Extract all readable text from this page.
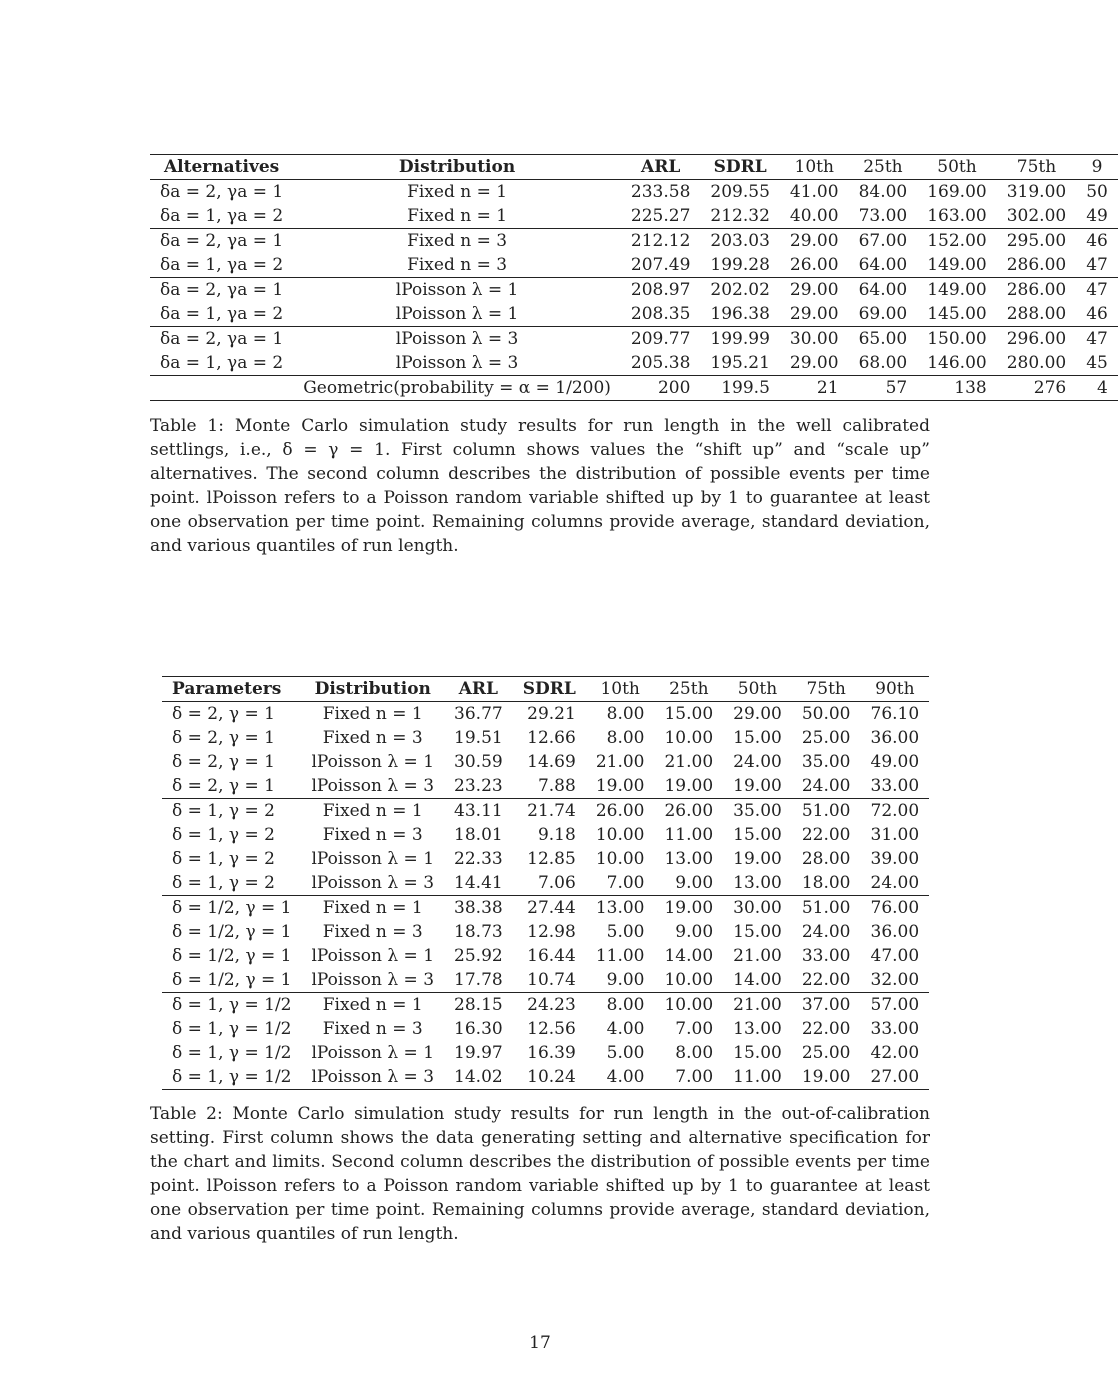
Alternatives	Distribution	ARL	SDRL	10th	25th	50th	75th	9
δa = 2, γa = 1	Fixed n = 1	233.58	209.55	41.00	84.00	169.00	319.00	50
δa = 1, γa = 2	Fixed n = 1	225.27	212.32	40.00	73.00	163.00	302.00	49
δa = 2, γa = 1	Fixed n = 3	212.12	203.03	29.00	67.00	152.00	295.00	46
δa = 1, γa = 2	Fixed n = 3	207.49	199.28	26.00	64.00	149.00	286.00	47
δa = 2, γa = 1	lPoisson λ = 1	208.97	202.02	29.00	64.00	149.00	286.00	47
δa = 1, γa = 2	lPoisson λ = 1	208.35	196.38	29.00	69.00	145.00	288.00	46
δa = 2, γa = 1	lPoisson λ = 3	209.77	199.99	30.00	65.00	150.00	296.00	47
δa = 1, γa = 2	lPoisson λ = 3	205.38	195.21	29.00	68.00	146.00	280.00	45
	Geometric(probability = α = 1/200)	200	199.5	21	57	138	276	4

Table 1: Monte Carlo simulation study results for run length in the well calibrated settlings, i.e., δ = γ = 1. First column shows values the “shift up” and “scale up” alternatives. The second column describes the distribution of possible events per time point. lPoisson refers to a Poisson random variable shifted up by 1 to guarantee at least one observation per time point. Remaining columns provide average, standard deviation, and various quantiles of run length.

Parameters	Distribution	ARL	SDRL	10th	25th	50th	75th	90th
δ = 2, γ = 1	Fixed n = 1	36.77	29.21	8.00	15.00	29.00	50.00	76.10
δ = 2, γ = 1	Fixed n = 3	19.51	12.66	8.00	10.00	15.00	25.00	36.00
δ = 2, γ = 1	lPoisson λ = 1	30.59	14.69	21.00	21.00	24.00	35.00	49.00
δ = 2, γ = 1	lPoisson λ = 3	23.23	7.88	19.00	19.00	19.00	24.00	33.00
δ = 1, γ = 2	Fixed n = 1	43.11	21.74	26.00	26.00	35.00	51.00	72.00
δ = 1, γ = 2	Fixed n = 3	18.01	9.18	10.00	11.00	15.00	22.00	31.00
δ = 1, γ = 2	lPoisson λ = 1	22.33	12.85	10.00	13.00	19.00	28.00	39.00
δ = 1, γ = 2	lPoisson λ = 3	14.41	7.06	7.00	9.00	13.00	18.00	24.00
δ = 1/2, γ = 1	Fixed n = 1	38.38	27.44	13.00	19.00	30.00	51.00	76.00
δ = 1/2, γ = 1	Fixed n = 3	18.73	12.98	5.00	9.00	15.00	24.00	36.00
δ = 1/2, γ = 1	lPoisson λ = 1	25.92	16.44	11.00	14.00	21.00	33.00	47.00
δ = 1/2, γ = 1	lPoisson λ = 3	17.78	10.74	9.00	10.00	14.00	22.00	32.00
δ = 1, γ = 1/2	Fixed n = 1	28.15	24.23	8.00	10.00	21.00	37.00	57.00
δ = 1, γ = 1/2	Fixed n = 3	16.30	12.56	4.00	7.00	13.00	22.00	33.00
δ = 1, γ = 1/2	lPoisson λ = 1	19.97	16.39	5.00	8.00	15.00	25.00	42.00
δ = 1, γ = 1/2	lPoisson λ = 3	14.02	10.24	4.00	7.00	11.00	19.00	27.00

Table 2: Monte Carlo simulation study results for run length in the out-of-calibration setting. First column shows the data generating setting and alternative specification for the chart and limits. Second column describes the distribution of possible events per time point. lPoisson refers to a Poisson random variable shifted up by 1 to guarantee at least one observation per time point. Remaining columns provide average, standard deviation, and various quantiles of run length.

17
